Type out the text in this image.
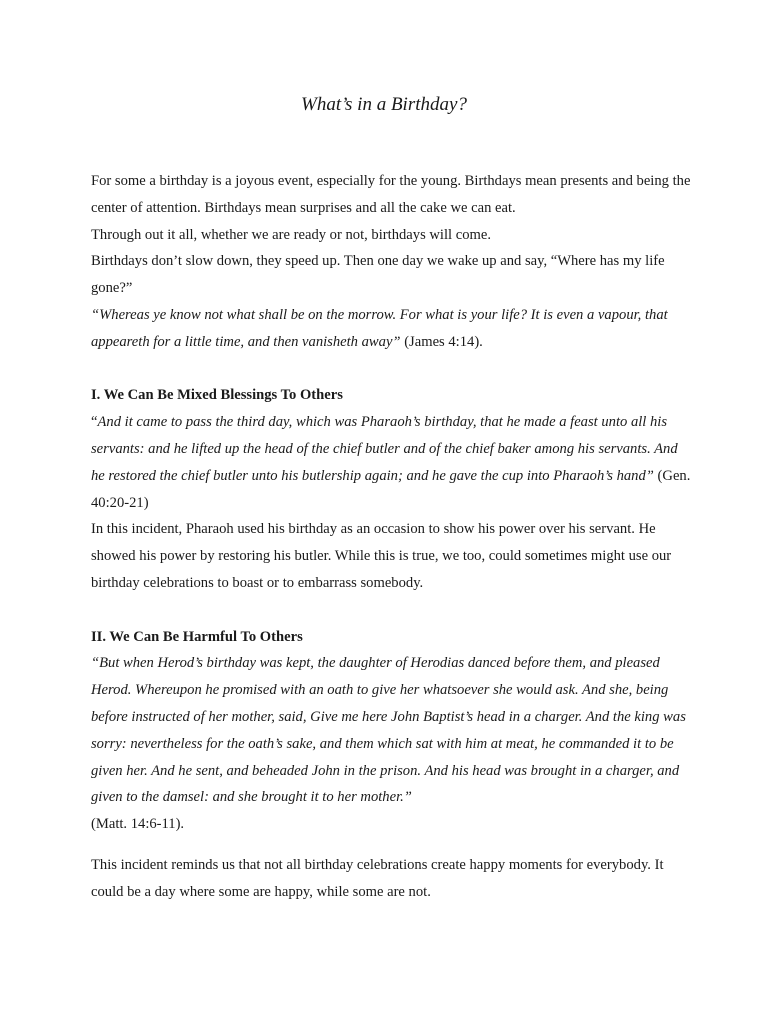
What’s in a Birthday?

For some a birthday is a joyous event, especially for the young. Birthdays mean presents and being the center of attention. Birthdays mean surprises and all the cake we can eat.

Through out it all, whether we are ready or not, birthdays will come.

Birthdays don’t slow down, they speed up. Then one day we wake up and say, “Where has my life gone?”

“Whereas ye know not what shall be on the morrow. For what is your life? It is even a vapour, that appeareth for a little time, and then vanisheth away” (James 4:14).

I. We Can Be Mixed Blessings To Others

“And it came to pass the third day, which was Pharaoh’s birthday, that he made a feast unto all his servants: and he lifted up the head of the chief butler and of the chief baker among his servants. And he restored the chief butler unto his butlership again; and he gave the cup into Pharaoh’s hand” (Gen. 40:20-21)

In this incident, Pharaoh used his birthday as an occasion to show his power over his servant. He showed his power by restoring his butler. While this is true, we too, could sometimes might use our birthday celebrations to boast or to embarrass somebody.

II. We Can Be Harmful To Others

“But when Herod’s birthday was kept, the daughter of Herodias danced before them, and pleased Herod. Whereupon he promised with an oath to give her whatsoever she would ask. And she, being before instructed of her mother, said, Give me here John Baptist’s head in a charger. And the king was sorry: nevertheless for the oath’s sake, and them which sat with him at meat, he commanded it to be given her. And he sent, and beheaded John in the prison. And his head was brought in a charger, and given to the damsel: and she brought it to her mother.”

(Matt. 14:6-11).

This incident reminds us that not all birthday celebrations create happy moments for everybody. It could be a day where some are happy, while some are not.
